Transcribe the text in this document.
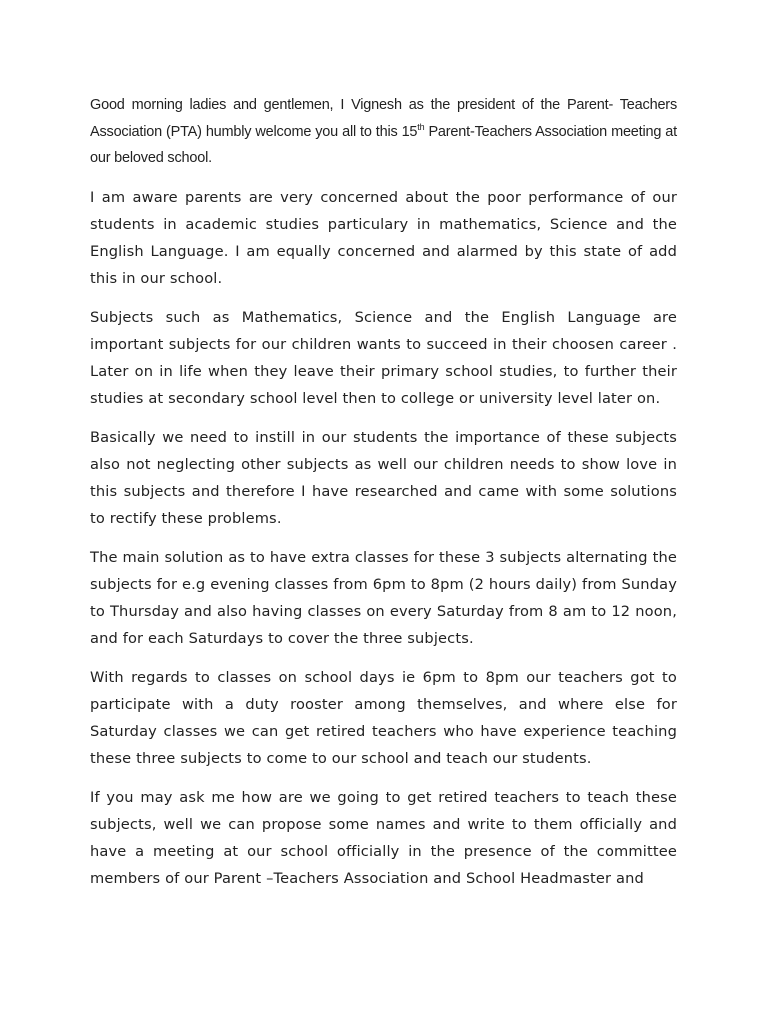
Good morning ladies and gentlemen, I Vignesh as the president of the Parent- Teachers Association (PTA) humbly welcome you all to this 15th Parent-Teachers Association meeting at our beloved school.

I am aware parents are very concerned about the poor performance of our students in academic studies particulary in mathematics, Science and the English Language. I am equally concerned and alarmed by this state of add this in our school.

Subjects such as Mathematics, Science and the English Language are important subjects for our children wants to succeed in their choosen career . Later on in life when they leave their primary school studies, to further their studies at secondary school level then to college or university level later on.

Basically we need to instill in our students the importance of these subjects also not neglecting other subjects as well our children needs to show love in this subjects and therefore I have researched and came with some solutions to rectify these problems.

The main solution as to have extra classes for these 3 subjects alternating the subjects for e.g evening classes from 6pm to 8pm (2 hours daily) from Sunday to Thursday and also having classes on every Saturday from 8 am to 12 noon, and for each Saturdays to cover the three subjects.

With regards to classes on school days ie 6pm to 8pm our teachers got to participate with a duty rooster among themselves, and where else for Saturday classes we can get retired teachers who have experience teaching these three subjects to come to our school and teach our students.

If you may ask me how are we going to get retired teachers to teach these subjects, well we can propose some names and write to them officially and have a meeting at our school officially in the presence of the committee members of our Parent –Teachers Association and School Headmaster and
